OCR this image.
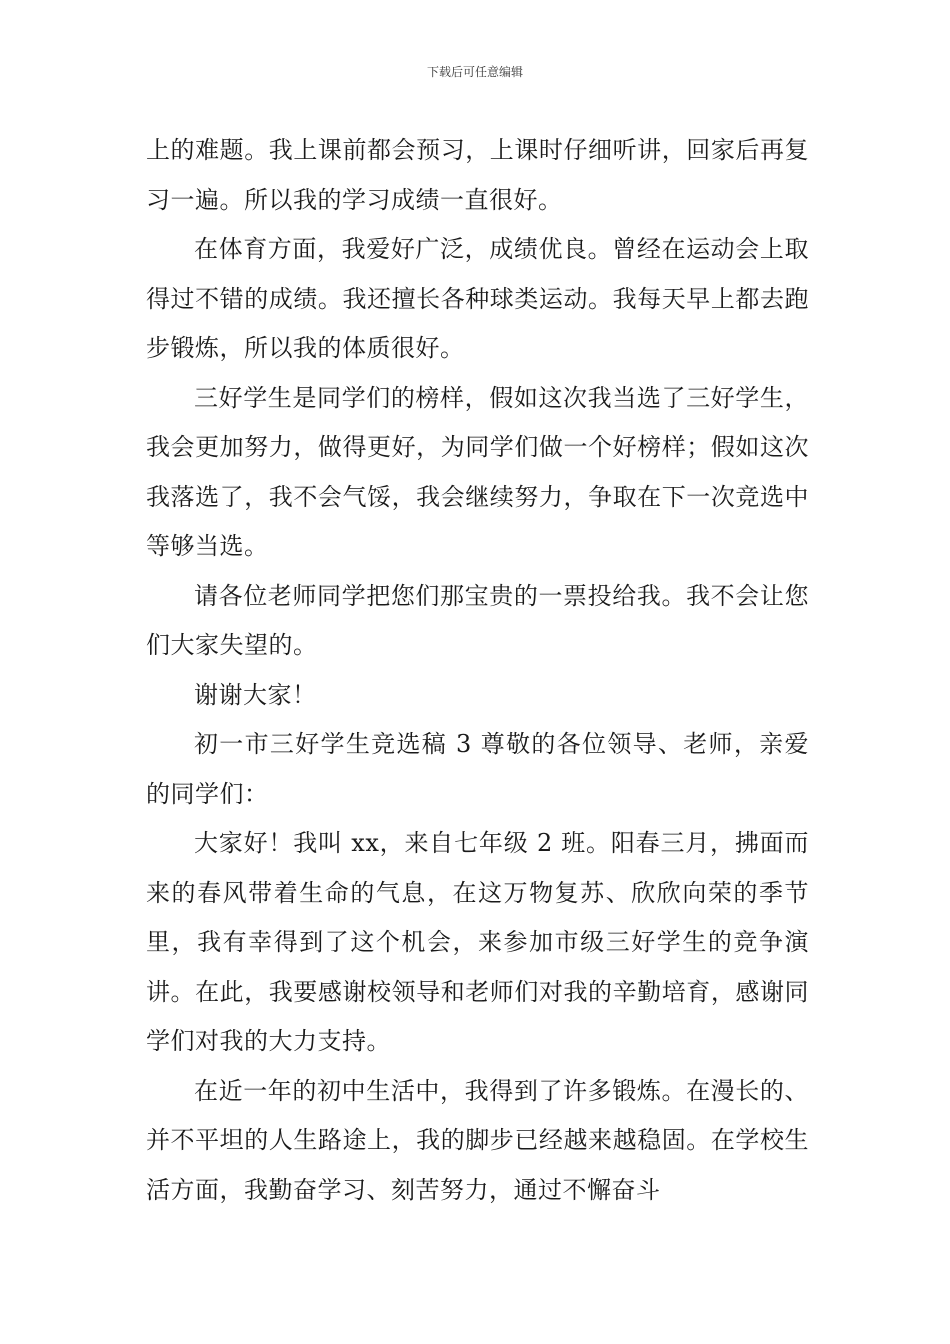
下载后可任意编辑

上的难题。我上课前都会预习，上课时仔细听讲，回家后再复习一遍。所以我的学习成绩一直很好。

在体育方面，我爱好广泛，成绩优良。曾经在运动会上取得过不错的成绩。我还擅长各种球类运动。我每天早上都去跑步锻炼，所以我的体质很好。

三好学生是同学们的榜样，假如这次我当选了三好学生，我会更加努力，做得更好，为同学们做一个好榜样；假如这次我落选了，我不会气馁，我会继续努力，争取在下一次竞选中等够当选。

请各位老师同学把您们那宝贵的一票投给我。我不会让您们大家失望的。

谢谢大家！

初一市三好学生竞选稿 3 尊敬的各位领导、老师，亲爱的同学们：

大家好！我叫 xx，来自七年级 2 班。阳春三月，拂面而来的春风带着生命的气息，在这万物复苏、欣欣向荣的季节里，我有幸得到了这个机会，来参加市级三好学生的竞争演讲。在此，我要感谢校领导和老师们对我的辛勤培育，感谢同学们对我的大力支持。

在近一年的初中生活中，我得到了许多锻炼。在漫长的、并不平坦的人生路途上，我的脚步已经越来越稳固。在学校生活方面，我勤奋学习、刻苦努力，通过不懈奋斗
